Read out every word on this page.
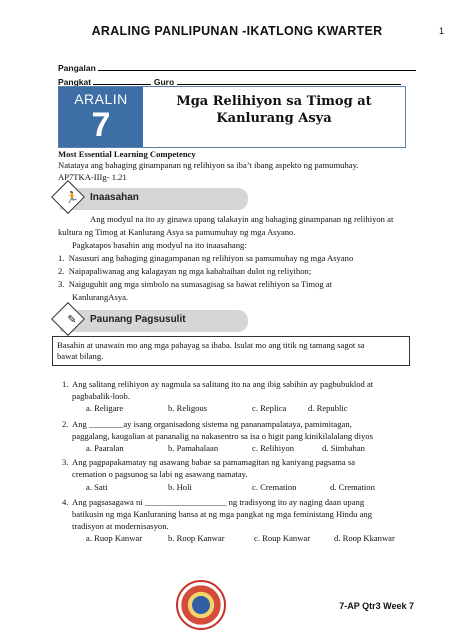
ARALING PANLIPUNAN -IKATLONG KWARTER	1
Pangalan
Pangkat	Guro
ARALIN
7
Mga Relihiyon sa Timog at Kanlurang Asya
Most Essential Learning Competency
Natataya ang bahaging ginampanan ng relihiyon sa iba’t ibang aspekto ng pamumuhay.
AP7TKA-IIIg- 1.21
🏃	Inaasahan
Ang modyul na ito ay ginawa upang talakayin ang bahaging ginampanan ng relihiyon at
kultura ng Timog at Kanlurang Asya sa pamumuhay ng mga Asyano.
Pagkatapos basahin ang modyul na ito inaasahang:
1.  Nasusuri ang bahaging ginagampanan ng relihiyon sa pamumuhay ng mga Asyano
2.  Naipapaliwanag ang kalagayan ng mga kababaihan dulot ng reliyihon;
3.  Naiguguhit ang mga simbolo na sumasagisag sa bawat relihiyon sa Timog at
KanlurangAsya.
✎	Paunang Pagsusulit
Basahin at unawain mo ang mga pahayag sa ibaba. Isulat mo ang titik ng tamang sagot sa
bawat bilang.
1. Ang salitang relihiyon ay nagmula sa salitang ito na ang ibig sabihin ay pagbubuklod at
pagbabalik-loob.
a. Religare	b. Religous	c. Replica	d. Republic
2. Ang ________ay isang organisadong sistema ng pananampalataya, pamimitagan,
paggalang, kaugalian at pananalig na nakasentro sa isa o higit pang kinikilalalang diyos
a. Paaralan	b. Pamahalaan	c. Relihiyon	d. Simbahan
3. Ang pagpapakamatay ng asawang babae sa pamamagitan ng kaniyang pagsama sa
cremation o pagsunog sa labi ng asawang namatay.
a. Sati	b. Holi	c. Cremation	d. Cremation
4. Ang pagsasagawa ni ___________________ ng tradisyong ito ay naging daan upang
batikusin ng mga Kanluraning bansa at ng mga pangkat ng mga feministang Hindu ang
tradisyon at modernisasyon.
a. Ruop Kanwar	b. Roop Kanwar	c. Roup Kanwar	d. Roop Kkanwar
7-AP Qtr3 Week 7
